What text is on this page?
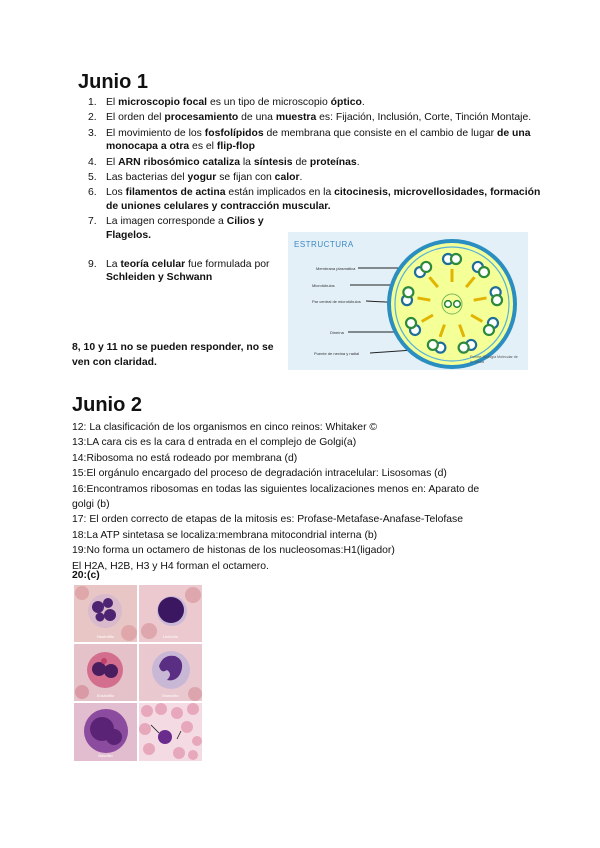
Junio 1
1. El microscopio focal es un tipo de microscopio óptico.
2. El orden del procesamiento de una muestra es: Fijación, Inclusión, Corte, Tinción Montaje.
3. El movimiento de los fosfolípidos de membrana que consiste en el cambio de lugar de una monocapa a otra es el flip-flop
4. El ARN ribosómico cataliza la síntesis de proteínas.
5. Las bacterias del yogur se fijan con calor.
6. Los filamentos de actina están implicados en la citocinesis, microvellosidades, formación de uniones celulares y contracción muscular.
7. La imagen corresponde a Cilios y Flagelos.
9. La teoría celular fue formulada por Schleiden y Schwann
8, 10 y 11 no se pueden responder, no se ven con claridad.
ESTRUCTURA
Membrana plasmática
Microtúbulos
Par central de microtúbulos
Dineína
Puente de nexina y radial
Fuente: Biología Molecular de la Célula
Junio 2
12: La clasificación de los organismos en cinco reinos: Whitaker ©
13:LA cara cis es la cara d entrada en el complejo de Golgi(a)
14:Ribosoma no está rodeado por membrana (d)
15:El orgánulo encargado del proceso de degradación intracelular: Lisosomas (d)
16:Encontramos ribosomas en todas las siguientes localizaciones menos en: Aparato de
golgi (b)
17: El orden correcto de etapas de la mitosis es: Profase-Metafase-Anafase-Telofase
18:La ATP sintetasa se localiza:membrana mitocondrial interna (b)
19:No forma un octamero de histonas de los nucleosomas:H1(ligador)
El H2A, H2B, H3 y H4 forman el octamero.
20:(c)
Neutrófilo	Linfocito
Eosinófilo	Monocito
Basófilo
